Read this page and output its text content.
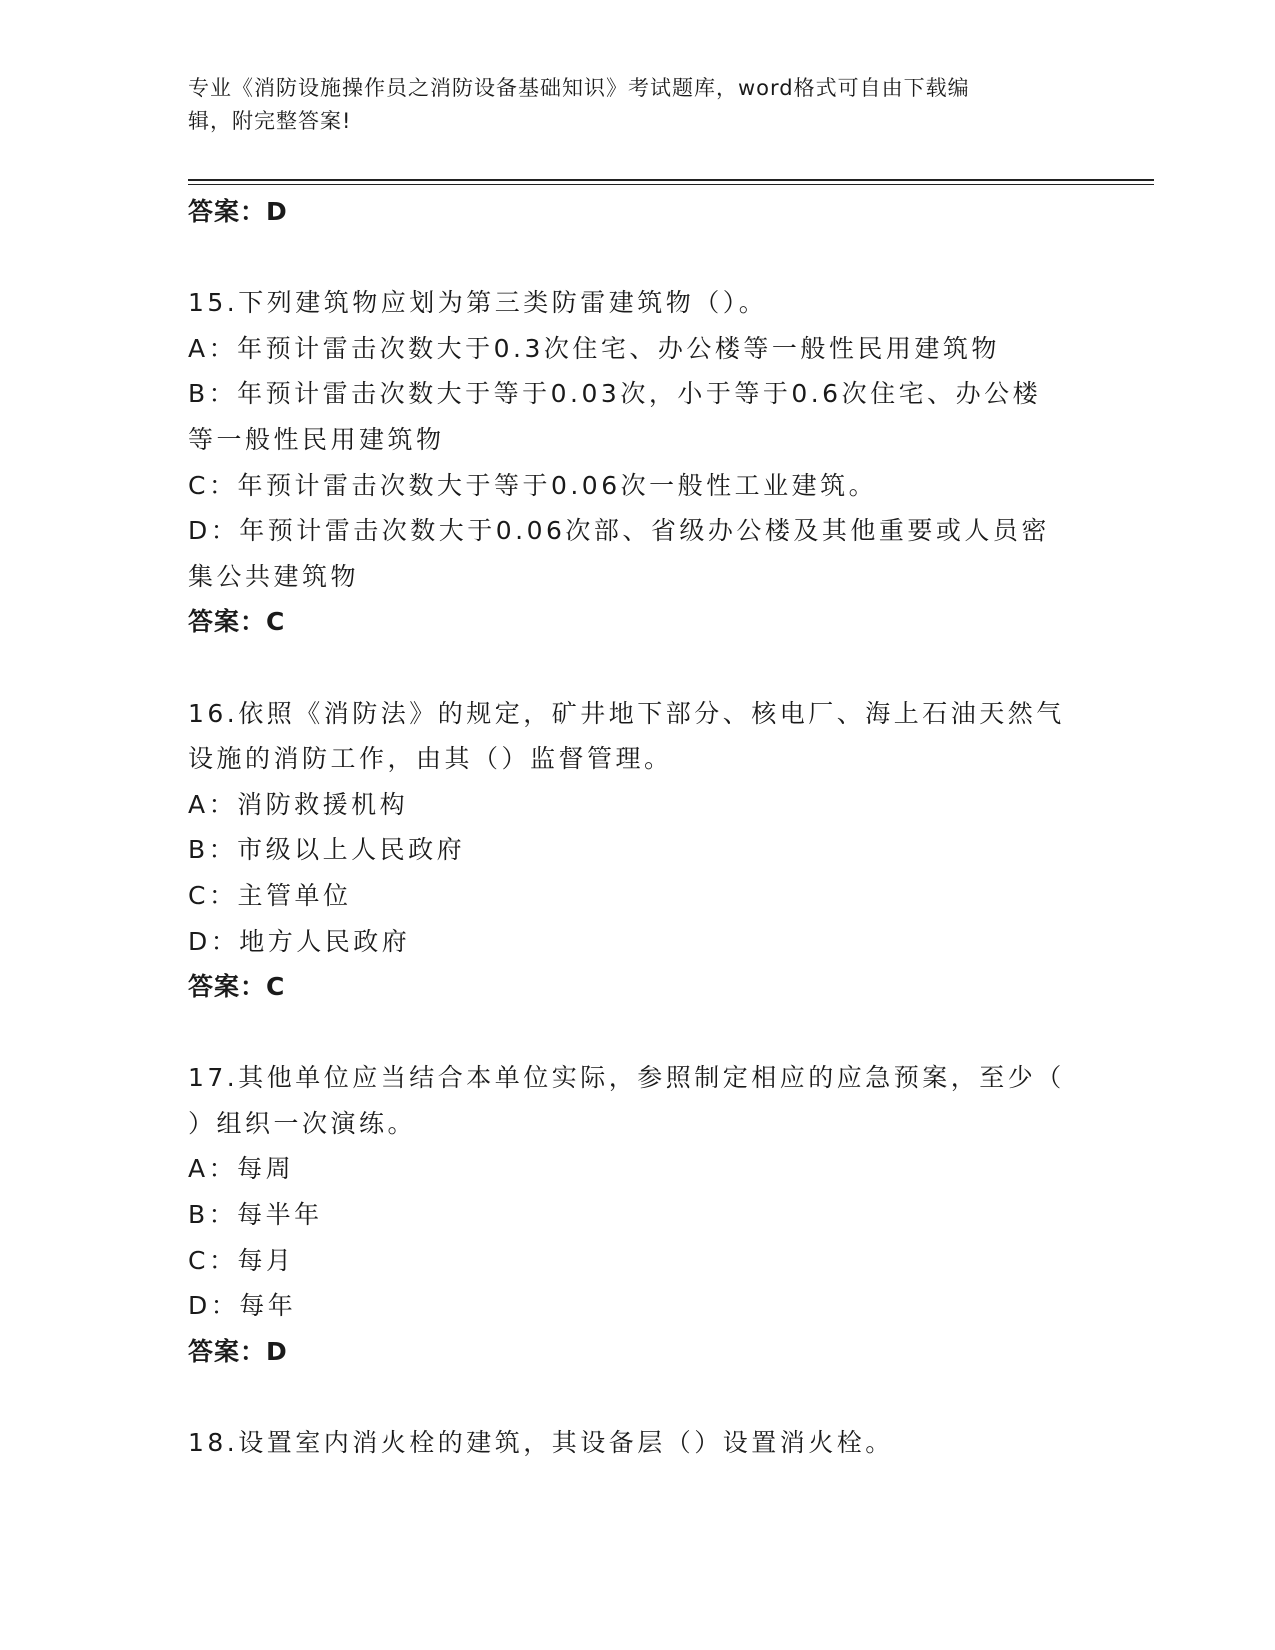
专业《消防设施操作员之消防设备基础知识》考试题库，word格式可自由下载编
辑，附完整答案!
答案：D
15.下列建筑物应划为第三类防雷建筑物（）。
A：年预计雷击次数大于0.3次住宅、办公楼等一般性民用建筑物
B：年预计雷击次数大于等于0.03次，小于等于0.6次住宅、办公楼
等一般性民用建筑物
C：年预计雷击次数大于等于0.06次一般性工业建筑。
D：年预计雷击次数大于0.06次部、省级办公楼及其他重要或人员密
集公共建筑物
答案：C
16.依照《消防法》的规定，矿井地下部分、核电厂、海上石油天然气
设施的消防工作，由其（）监督管理。
A：消防救援机构
B：市级以上人民政府
C：主管单位
D：地方人民政府
答案：C
17.其他单位应当结合本单位实际，参照制定相应的应急预案，至少（
）组织一次演练。
A：每周
B：每半年
C：每月
D：每年
答案：D
18.设置室内消火栓的建筑，其设备层（）设置消火栓。
